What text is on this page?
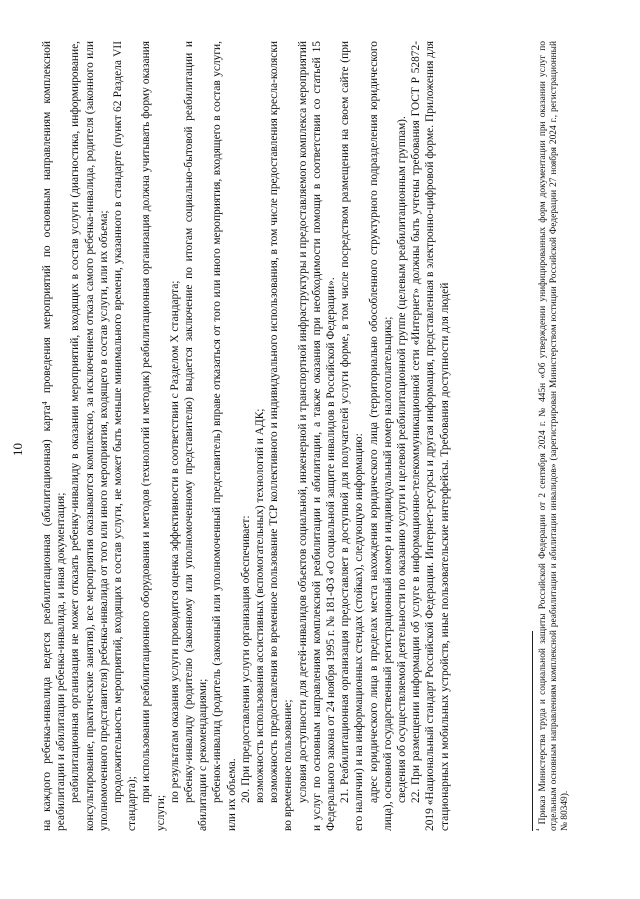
10 на каждого ребенка-инвалида ведется реабилитационная (абилитационная) карта⁴ проведения мероприятий по основным направлениям комплексной реабилитации и абилитации ребенка-инвалида, и иная документация; реабилитационная организация не может отказать ребенку-инвалиду в оказании мероприятий, входящих в состав услуги (диагностика, информирование, консультирование, практические занятия), все мероприятия оказываются комплексно, за исключением отказа самого ребенка-инвалида, родителя (законного или уполномоченного представителя) ребенка-инвалида от того или иного мероприятия, входящего в состав услуги, или их объема; продолжительность мероприятий, входящих в состав услуги, не может быть меньше минимального времени, указанного в стандарте (пункт 62 Раздела VII стандарта);

при использовании реабилитационного оборудования и методов (технологий и методик) реабилитационная организация должна учитывать форму оказания услуги;

по результатам оказания услуги проводится оценка эффективности в соответствии с Разделом X стандарта; ребенку-инвалиду (родителю (законному или уполномоченному представителю) выдается заключение по итогам социально-бытовой реабилитации и абилитации с рекомендациями; ребенок-инвалид (родитель (законный или уполномоченный представитель) вправе отказаться от того или иного мероприятия, входящего в состав услуги, или их объема. 20. При предоставлении услуги организация обеспечивает: возможность использования ассистивных (вспомогательных) технологий и АДК; возможность предоставления во временное пользование ТСР коллективного и индивидуального использования, в том числе предоставления кресла-коляски во временное пользование; условия доступности для детей-инвалидов объектов социальной, инженерной и транспортной инфраструктуры и предоставляемого комплекса мероприятий и услуг по основным направлениям комплексной реабилитации и абилитации, а также оказания при необходимости помощи в соответствии со статьей 15 Федерального закона от 24 ноября 1995 г. № 181-ФЗ «О социальной защите инвалидов в Российской Федерации». 21. Реабилитационная организация предоставляет в доступной для получателей услуги форме, в том числе посредством размещения на своем сайте (при его наличии) и на информационных стендах (стойках), следующую информацию: адрес юридического лица в пределах места нахождения юридического лица (территориально обособленного структурного подразделения юридического лица), основной государственный регистрационный номер и индивидуальный номер налогоплательщика; сведения об осуществляемой деятельности по оказанию услуги и целевой реабилитационной группе (целевым реабилитационным группам). 22. При размещении информации об услуге в информационно-телекоммуникационной сети «Интернет» должны быть учтены требования ГОСТ Р 52872-2019 «Национальный стандарт Российской Федерации. Интернет-ресурсы и другая информация, представленная в электронно-цифровой форме. Приложения для стационарных и мобильных устройств, иные пользовательские интерфейсы. Требования доступности для людей	$^{^4}$ Приказ Министерства труда и социальной защиты Российской Федерации от 2 сентября 2024 г. № 445н «Об утверждении унифицированных форм документации при оказании услуг по отдельным основным направлениям комплексной реабилитации и абилитации инвалидов» (зарегистрирован Министерством юстиции Российской Федерации 27 ноября 2024 г., регистрационный № 80349).
